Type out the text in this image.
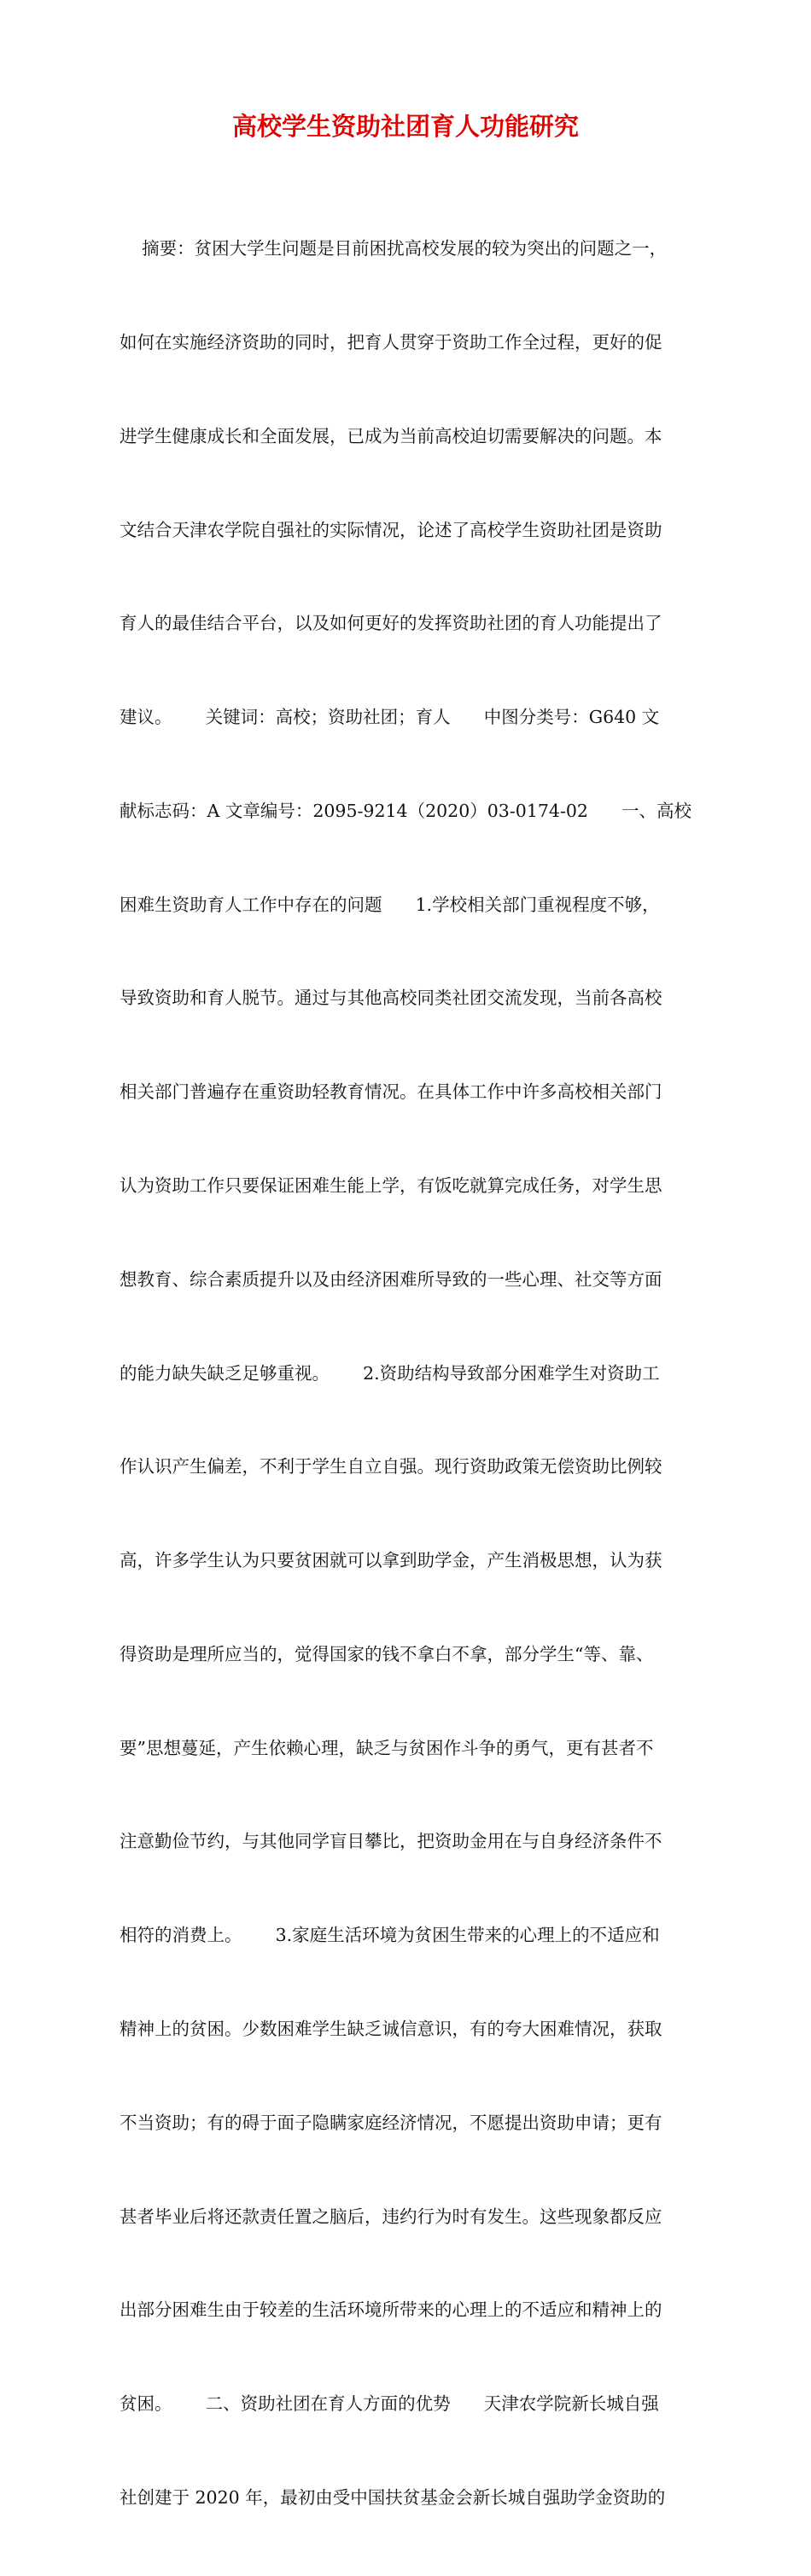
高校学生资助社团育人功能研究

摘要：贫困大学生问题是目前困扰高校发展的较为突出的问题之一，

如何在实施经济资助的同时，把育人贯穿于资助工作全过程，更好的促

进学生健康成长和全面发展，已成为当前高校迫切需要解决的问题。本

文结合天津农学院自强社的实际情况，论述了高校学生资助社团是资助

育人的最佳结合平台，以及如何更好的发挥资助社团的育人功能提出了

建议。      关键词：高校；资助社团；育人      中图分类号：G640 文

献标志码：A 文章编号：2095-9214（2020）03-0174-02      一、高校

困难生资助育人工作中存在的问题      1.学校相关部门重视程度不够，

导致资助和育人脱节。通过与其他高校同类社团交流发现，当前各高校

相关部门普遍存在重资助轻教育情况。在具体工作中许多高校相关部门

认为资助工作只要保证困难生能上学，有饭吃就算完成任务，对学生思

想教育、综合素质提升以及由经济困难所导致的一些心理、社交等方面

的能力缺失缺乏足够重视。      2.资助结构导致部分困难学生对资助工

作认识产生偏差，不利于学生自立自强。现行资助政策无偿资助比例较

高，许多学生认为只要贫困就可以拿到助学金，产生消极思想，认为获

得资助是理所应当的，觉得国家的钱不拿白不拿，部分学生“等、靠、

要”思想蔓延，产生依赖心理，缺乏与贫困作斗争的勇气，更有甚者不

注意勤俭节约，与其他同学盲目攀比，把资助金用在与自身经济条件不

相符的消费上。      3.家庭生活环境为贫困生带来的心理上的不适应和

精神上的贫困。少数困难学生缺乏诚信意识，有的夸大困难情况，获取

不当资助；有的碍于面子隐瞒家庭经济情况，不愿提出资助申请；更有

甚者毕业后将还款责任置之脑后，违约行为时有发生。这些现象都反应

出部分困难生由于较差的生活环境所带来的心理上的不适应和精神上的

贫困。      二、资助社团在育人方面的优势      天津农学院新长城自强

社创建于 2020 年，最初由受中国扶贫基金会新长城自强助学金资助的
